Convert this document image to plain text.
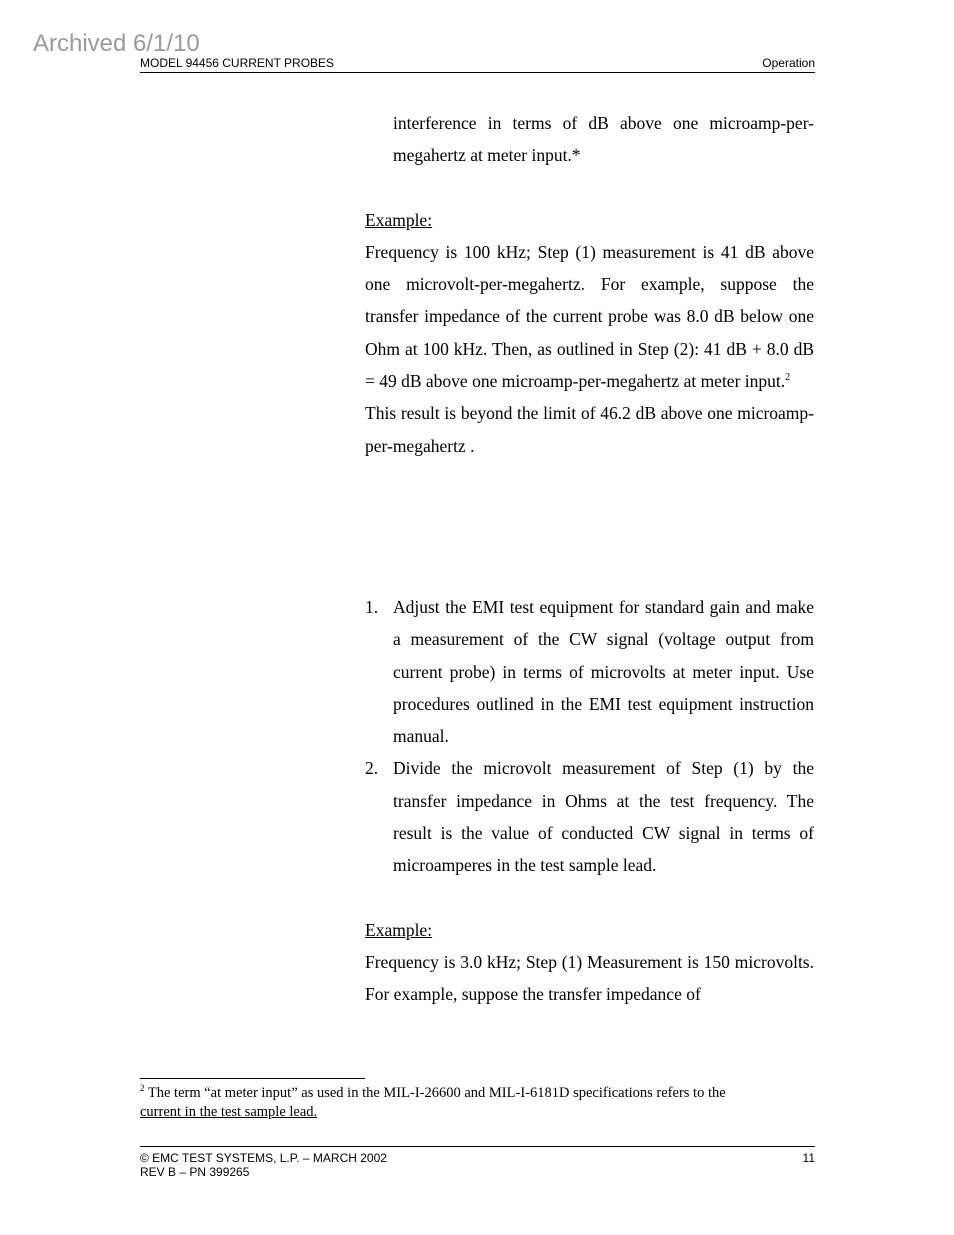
Archived 6/1/10
MODEL 94456 CURRENT PROBES	Operation

interference in terms of dB above one microamp-per-megahertz at meter input.*

Example:

Frequency is 100 kHz; Step (1) measurement is 41 dB above one microvolt-per-megahertz. For example, suppose the transfer impedance of the current probe was 8.0 dB below one Ohm at 100 kHz. Then, as outlined in Step (2): 41 dB + 8.0 dB = 49 dB above one microamp-per-megahertz at meter input.$^2$

This result is beyond the limit of 46.2 dB above one microamp-per-megahertz .

1. Adjust the EMI test equipment for standard gain and make a measurement of the CW signal (voltage output from current probe) in terms of microvolts at meter input. Use procedures outlined in the EMI test equipment instruction manual.
2. Divide the microvolt measurement of Step (1) by the transfer impedance in Ohms at the test frequency. The result is the value of conducted CW signal in terms of microamperes in the test sample lead.

Example:

Frequency is 3.0 kHz; Step (1) Measurement is 150 microvolts. For example, suppose the transfer impedance of

$^2$ The term “at meter input” as used in the MIL-I-26600 and MIL-I-6181D specifications refers to the
current in the test sample lead.
© EMC TEST SYSTEMS, L.P. – MARCH 2002
REV B – PN 399265
11
